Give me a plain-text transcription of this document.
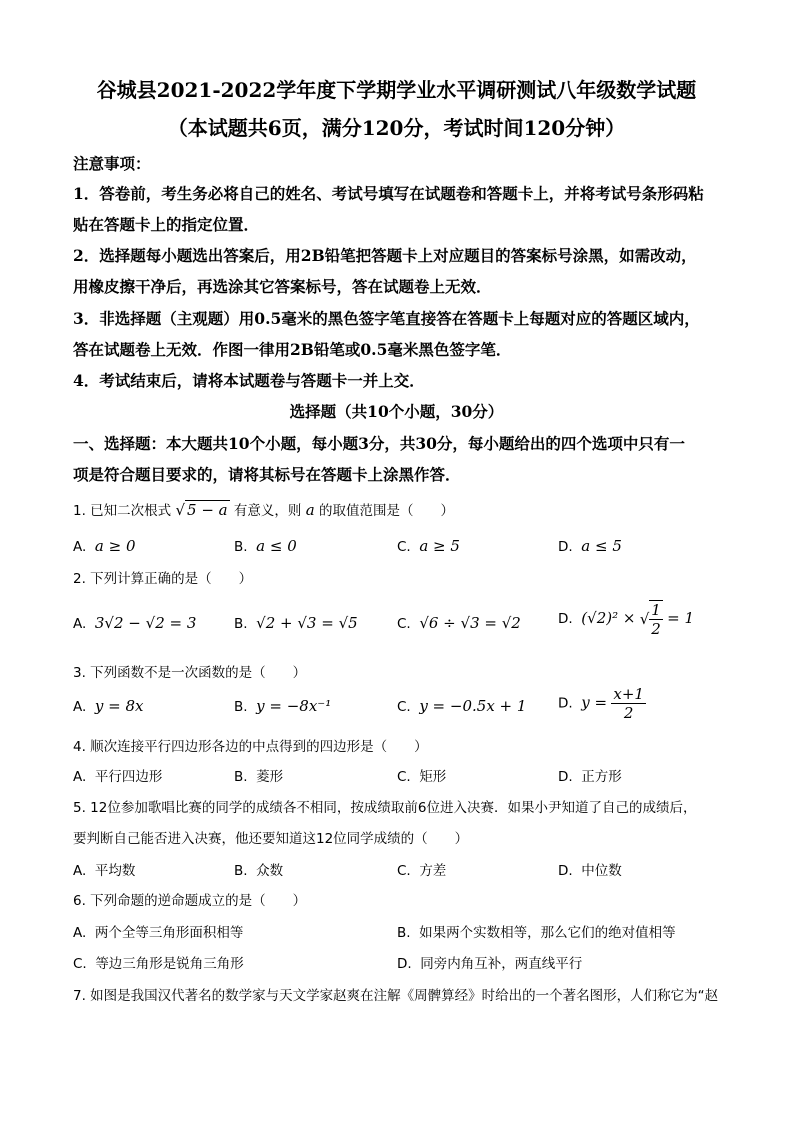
谷城县2021-2022学年度下学期学业水平调研测试八年级数学试题
（本试题共6页，满分120分，考试时间120分钟）
注意事项：
1．答卷前，考生务必将自己的姓名、考试号填写在试题卷和答题卡上，并将考试号条形码粘
贴在答题卡上的指定位置．
2．选择题每小题选出答案后，用2B铅笔把答题卡上对应题目的答案标号涂黑，如需改动，
用橡皮擦干净后，再选涂其它答案标号，答在试题卷上无效．
3．非选择题（主观题）用0.5毫米的黑色签字笔直接答在答题卡上每题对应的答题区域内，
答在试题卷上无效．作图一律用2B铅笔或0.5毫米黑色签字笔．
4．考试结束后，请将本试题卷与答题卡一并上交．
选择题（共10个小题，30分）
一、选择题：本大题共10个小题，每小题3分，共30分，每小题给出的四个选项中只有一
项是符合题目要求的，请将其标号在答题卡上涂黑作答．
1. 已知二次根式 √ 5 − a 有意义，则 a 的取值范围是（　　）
A. a ≥ 0	B. a ≤ 0	C. a ≥ 5	D. a ≤ 5
2. 下列计算正确的是（　　）
A. 3√2 − √2 = 3	B. √2 + √3 = √5	C. √6 ÷ √3 = √2	D. (√2)² × √ $\frac{1}{2} = 1$
3. 下列函数不是一次函数的是（　　）
A. y = 8x	B. y = −8x⁻¹	C. y = −0.5x + 1 D. $y = \frac{x+1}{2}$
4. 顺次连接平行四边形各边的中点得到的四边形是（　　）
A. 平行四边形	B. 菱形	C. 矩形	D. 正方形
5. 12位参加歌唱比赛的同学的成绩各不相同，按成绩取前6位进入决赛．如果小尹知道了自己的成绩后，
要判断自己能否进入决赛，他还要知道这12位同学成绩的（　　）
A. 平均数	B. 众数	C. 方差	D. 中位数
6. 下列命题的逆命题成立的是（　　）
A. 两个全等三角形面积相等	B. 如果两个实数相等，那么它们的绝对值相等
C. 等边三角形是锐角三角形	D. 同旁内角互补，两直线平行
7. 如图是我国汉代著名的数学家与天文学家赵爽在注解《周髀算经》时给出的一个著名图形，人们称它为“赵
